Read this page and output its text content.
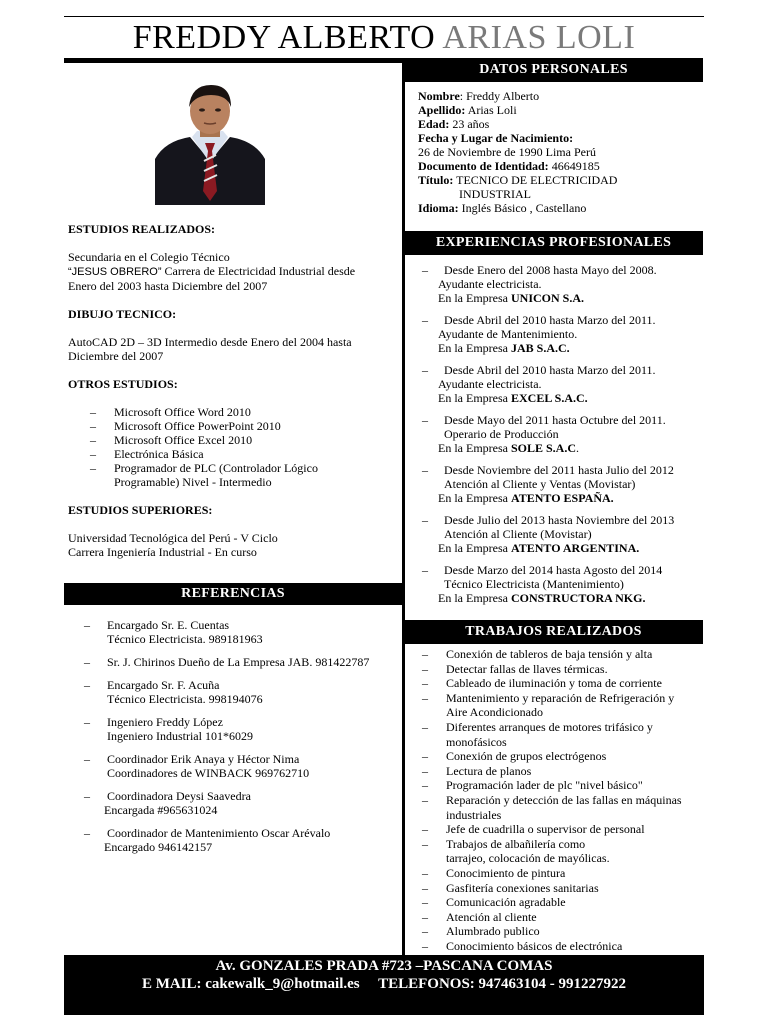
FREDDY ALBERTO ARIAS LOLI
DATOS PERSONALES
Nombre: Freddy Alberto
Apellido: Arias Loli
Edad: 23 años
Fecha y Lugar de Nacimiento:
26 de Noviembre de 1990 Lima Perú
Documento de Identidad: 46649185
Título: TECNICO DE ELECTRICIDAD
INDUSTRIAL
Idioma: Inglés Básico , Castellano
ESTUDIOS REALIZADOS:
Secundaria en el Colegio Técnico
“JESUS OBRERO” Carrera de Electricidad Industrial desde
Enero del 2003 hasta Diciembre del 2007
DIBUJO TECNICO:
AutoCAD 2D – 3D Intermedio desde Enero del 2004 hasta
Diciembre del 2007
OTROS ESTUDIOS:
– Microsoft Office Word 2010
– Microsoft Office PowerPoint 2010
– Microsoft Office Excel 2010
– Electrónica Básica
– Programador de PLC (Controlador Lógico
Programable) Nivel - Intermedio
ESTUDIOS SUPERIORES:
Universidad Tecnológica del Perú - V Ciclo
Carrera Ingeniería Industrial - En curso
EXPERIENCIAS PROFESIONALES
– Desde Enero del 2008 hasta Mayo del 2008.
Ayudante electricista.
En la Empresa UNICON S.A.
– Desde Abril del 2010 hasta Marzo del 2011.
Ayudante de Mantenimiento.
En la Empresa JAB S.A.C.
– Desde Abril del 2010 hasta Marzo del 2011.
Ayudante electricista.
En la Empresa EXCEL S.A.C.
– Desde Mayo del 2011 hasta Octubre del 2011.
Operario de Producción
En la Empresa SOLE S.A.C.
– Desde Noviembre del 2011 hasta Julio del 2012
Atención al Cliente y Ventas (Movistar)
En la Empresa ATENTO ESPAÑA.
– Desde Julio del 2013 hasta Noviembre del 2013
Atención al Cliente (Movistar)
En la Empresa ATENTO ARGENTINA.
– Desde Marzo del 2014 hasta Agosto del 2014
Técnico Electricista (Mantenimiento)
En la Empresa CONSTRUCTORA NKG.
REFERENCIAS
–	Encargado Sr. E. Cuentas
Técnico Electricista. 989181963
–	Sr. J. Chirinos Dueño de La Empresa JAB. 981422787
–	Encargado Sr. F. Acuña
Técnico Electricista. 998194076
–	Ingeniero Freddy López
Ingeniero Industrial 101*6029
–	Coordinador Erik Anaya y Héctor Nima
Coordinadores de WINBACK 969762710
–	Coordinadora Deysi Saavedra
Encargada #965631024
–	Coordinador de Mantenimiento Oscar Arévalo
Encargado 946142157
TRABAJOS REALIZADOS
– Conexión de tableros de baja tensión y alta
– Detectar fallas de llaves térmicas.
– Cableado de iluminación y toma de corriente
– Mantenimiento y reparación de Refrigeración y
Aire Acondicionado
– Diferentes arranques de motores trifásico y
monofásicos
– Conexión de grupos electrógenos
– Lectura de planos
– Programación lader de plc "nivel básico"
– Reparación y detección de las fallas en máquinas
industriales
– Jefe de cuadrilla o supervisor de personal
– Trabajos de albañilería como
tarrajeo, colocación de mayólicas.
– Conocimiento de pintura
– Gasfitería conexiones sanitarias
– Comunicación agradable
– Atención al cliente
– Alumbrado publico
– Conocimiento básicos de electrónica
Av. GONZALES PRADA #723 –PASCANA COMAS
E MAIL: cakewalk_9@hotmail.es     TELEFONOS: 947463104 - 991227922
